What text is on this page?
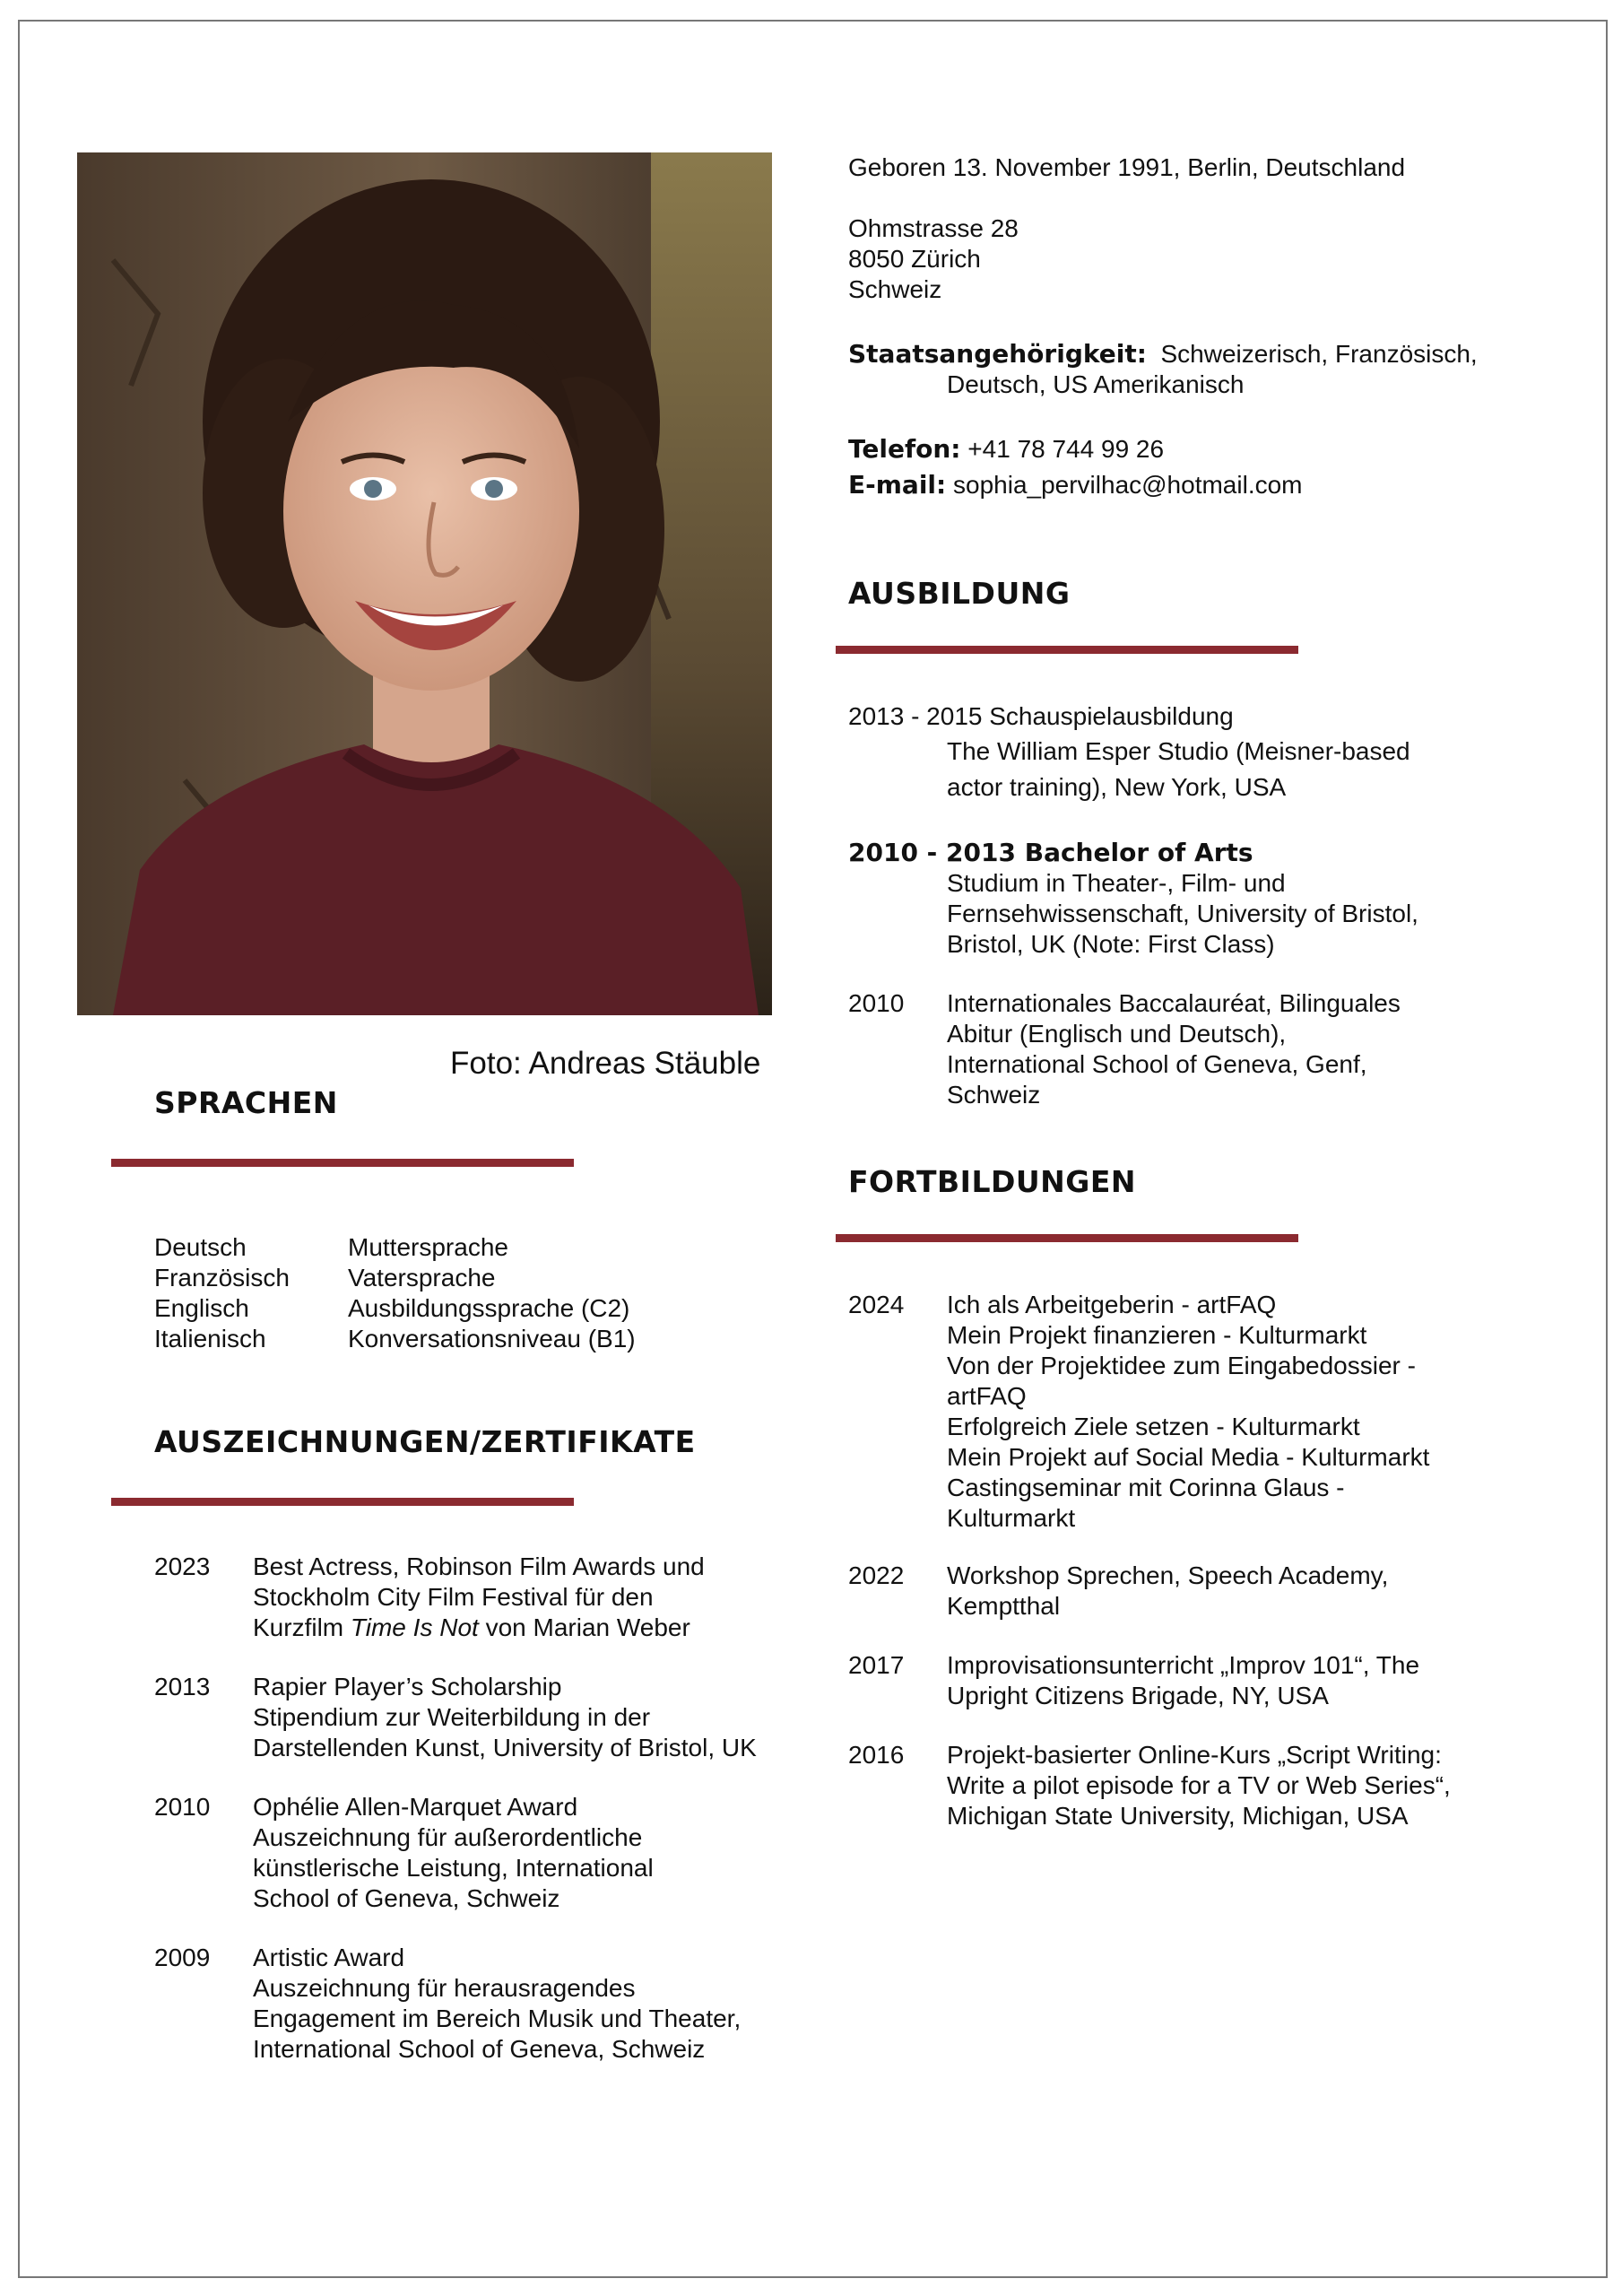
Foto: Andreas Stäuble

Geboren 13. November 1991, Berlin, Deutschland

Ohmstrasse 28

8050 Zürich

Schweiz

Staatsangehörigkeit: Schweizerisch, Französisch,

Deutsch, US Amerikanisch

Telefon: +41 78 744 99 26

E-mail: sophia_pervilhac@hotmail.com

AUSBILDUNG
2013 - 2015 Schauspielausbildung
The William Esper Studio (Meisner-based
actor training), New York, USA
2010 - 2013 Bachelor of Arts
Studium in Theater-, Film- und
Fernsehwissenschaft, University of Bristol,
Bristol, UK (Note: First Class)
2010	Internationales Baccalauréat, Bilinguales
Abitur (Englisch und Deutsch),
International School of Geneva, Genf,
Schweiz
FORTBILDUNGEN
2024	Ich als Arbeitgeberin - artFAQ
Mein Projekt finanzieren - Kulturmarkt
Von der Projektidee zum Eingabedossier -
artFAQ
Erfolgreich Ziele setzen - Kulturmarkt
Mein Projekt auf Social Media - Kulturmarkt
Castingseminar mit Corinna Glaus -
Kulturmarkt
2022	Workshop Sprechen, Speech Academy,
Kemptthal
2017	Improvisationsunterricht „Improv 101“, The
Upright Citizens Brigade, NY, USA
2016	Projekt-basierter Online-Kurs „Script Writing:
Write a pilot episode for a TV or Web Series“,
Michigan State University, Michigan, USA
SPRACHEN
Deutsch	Muttersprache
Französisch	Vatersprache
Englisch	Ausbildungssprache (C2)
Italienisch	Konversationsniveau (B1)
AUSZEICHNUNGEN/ZERTIFIKATE
2023	Best Actress, Robinson Film Awards und
Stockholm City Film Festival für den
Kurzfilm Time Is Not von Marian Weber
2013	Rapier Player’s Scholarship
Stipendium zur Weiterbildung in der
Darstellenden Kunst, University of Bristol, UK
2010	Ophélie Allen-Marquet Award
Auszeichnung für außerordentliche
künstlerische Leistung, International
School of Geneva, Schweiz
2009	Artistic Award
Auszeichnung für herausragendes
Engagement im Bereich Musik und Theater,
International School of Geneva, Schweiz
